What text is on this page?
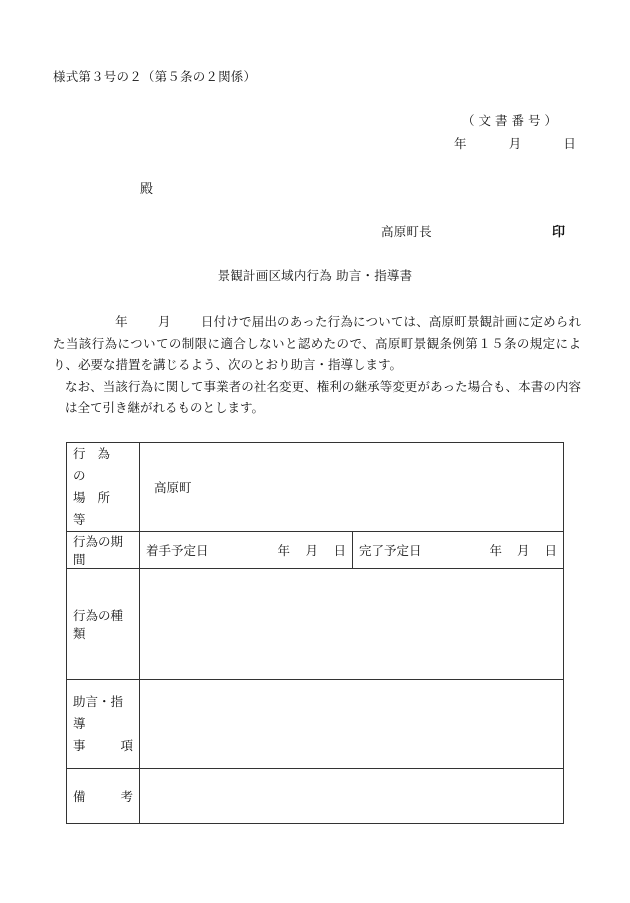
様式第３号の２（第５条の２関係）
（文書番号）
年	月	日
殿
高原町長	印
景観計画区域内行為 助言・指導書

年 月 日付けで届出のあった行為については、高原町景観計画に定められた当該行為についての制限に適合しないと認めたので、高原町景観条例第１５条の規定により、必要な措置を講じるよう、次のとおり助言・指導します。

なお、当該行為に関して事業者の社名変更、権利の継承等変更があった場合も、本書の内容は全て引き継がれるものとします。

行為の
場所等	高原町	
行為の期間	着手予定日 年 月 日	完了予定日 年 月 日

行為の種類		

助言・指導
事 項		

備 考		
